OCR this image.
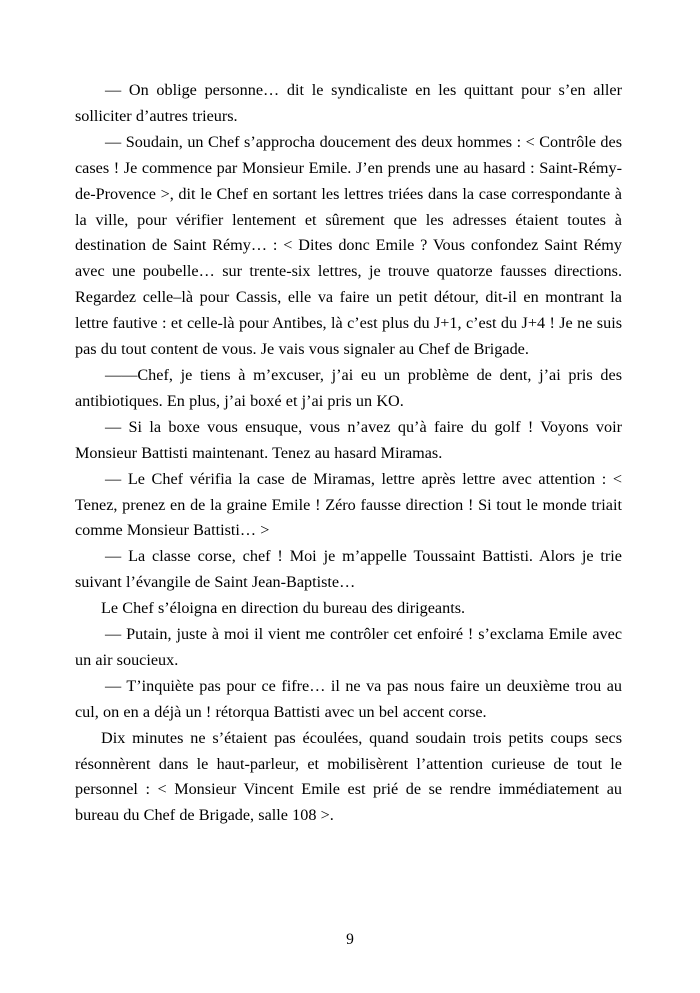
— On oblige personne… dit le syndicaliste en les quittant pour s’en aller solliciter d’autres trieurs.

— Soudain, un Chef s’approcha doucement des deux hommes : < Contrôle des cases ! Je commence par Monsieur Emile. J’en prends une au hasard : Saint-Rémy-de-Provence >, dit le Chef en sortant les lettres triées dans la case correspondante à la ville, pour vérifier lentement et sûrement que les adresses étaient toutes à destination de Saint Rémy… : < Dites donc Emile ? Vous confondez Saint Rémy avec une poubelle… sur trente-six lettres, je trouve quatorze fausses directions. Regardez celle–là pour Cassis, elle va faire un petit détour, dit-il en montrant la lettre fautive : et celle-là pour Antibes, là c’est plus du J+1, c’est du J+4 ! Je ne suis pas du tout content de vous. Je vais vous signaler au Chef de Brigade.

——Chef, je tiens à m’excuser, j’ai eu un problème de dent, j’ai pris des antibiotiques. En plus, j’ai boxé et j’ai pris un KO.

— Si la boxe vous ensuque, vous n’avez qu’à faire du golf ! Voyons voir Monsieur Battisti maintenant. Tenez au hasard Miramas.

— Le Chef vérifia la case de Miramas, lettre après lettre avec attention : < Tenez, prenez en de la graine Emile ! Zéro fausse direction ! Si tout le monde triait comme Monsieur Battisti… >

— La classe corse, chef ! Moi je m’appelle Toussaint Battisti. Alors je trie suivant l’évangile de Saint Jean-Baptiste…

Le Chef s’éloigna en direction du bureau des dirigeants.

— Putain, juste à moi il vient me contrôler cet enfoiré ! s’exclama Emile avec un air soucieux.

— T’inquiète pas pour ce fifre… il ne va pas nous faire un deuxième trou au cul, on en a déjà un ! rétorqua Battisti avec un bel accent corse.

Dix minutes ne s’étaient pas écoulées, quand soudain trois petits coups secs résonnèrent dans le haut-parleur, et mobilisèrent l’attention curieuse de tout le personnel : < Monsieur Vincent Emile est prié de se rendre immédiatement au bureau du Chef de Brigade, salle 108 >.

9
